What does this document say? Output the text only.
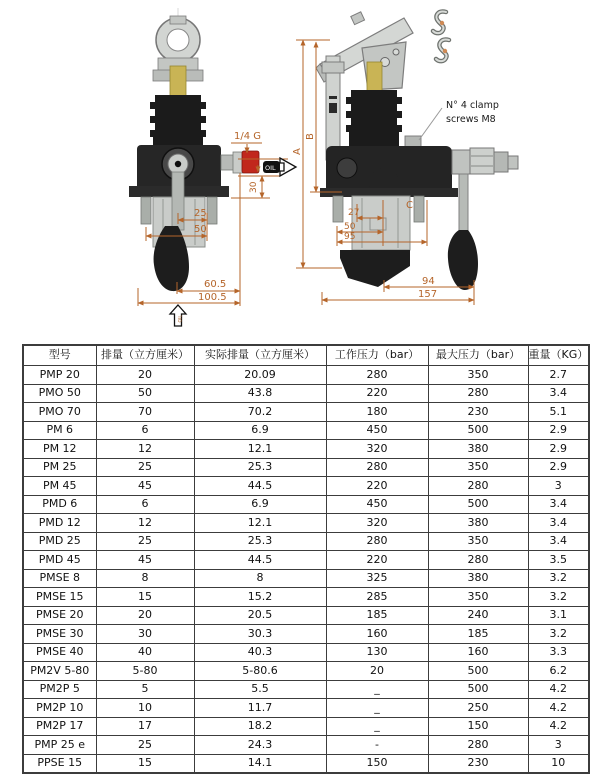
1/4 G
30
25
50
60.5
100.5
OIL
OIL
N° 4 clamp
screws M8
A
B
C
27
50
95
94
157
型号	排量（立方厘米）	实际排量（立方厘米）	工作压力（bar）	最大压力（bar）	重量（KG）
PMP 20	20	20.09	280	350	2.7
PMO 50	50	43.8	220	280	3.4
PMO 70	70	70.2	180	230	5.1
PM 6	6	6.9	450	500	2.9
PM 12	12	12.1	320	380	2.9
PM 25	25	25.3	280	350	2.9
PM 45	45	44.5	220	280	3
PMD 6	6	6.9	450	500	3.4
PMD 12	12	12.1	320	380	3.4
PMD 25	25	25.3	280	350	3.4
PMD 45	45	44.5	220	280	3.5
PMSE 8	8	8	325	380	3.2
PMSE 15	15	15.2	285	350	3.2
PMSE 20	20	20.5	185	240	3.1
PMSE 30	30	30.3	160	185	3.2
PMSE 40	40	40.3	130	160	3.3
PM2V 5-80	5-80	5-80.6	20	500	6.2
PM2P 5	5	5.5	_	500	4.2
PM2P 10	10	11.7	_	250	4.2
PM2P 17	17	18.2	_	150	4.2
PMP 25 e	25	24.3	-	280	3
PPSE 15	15	14.1	150	230	10
